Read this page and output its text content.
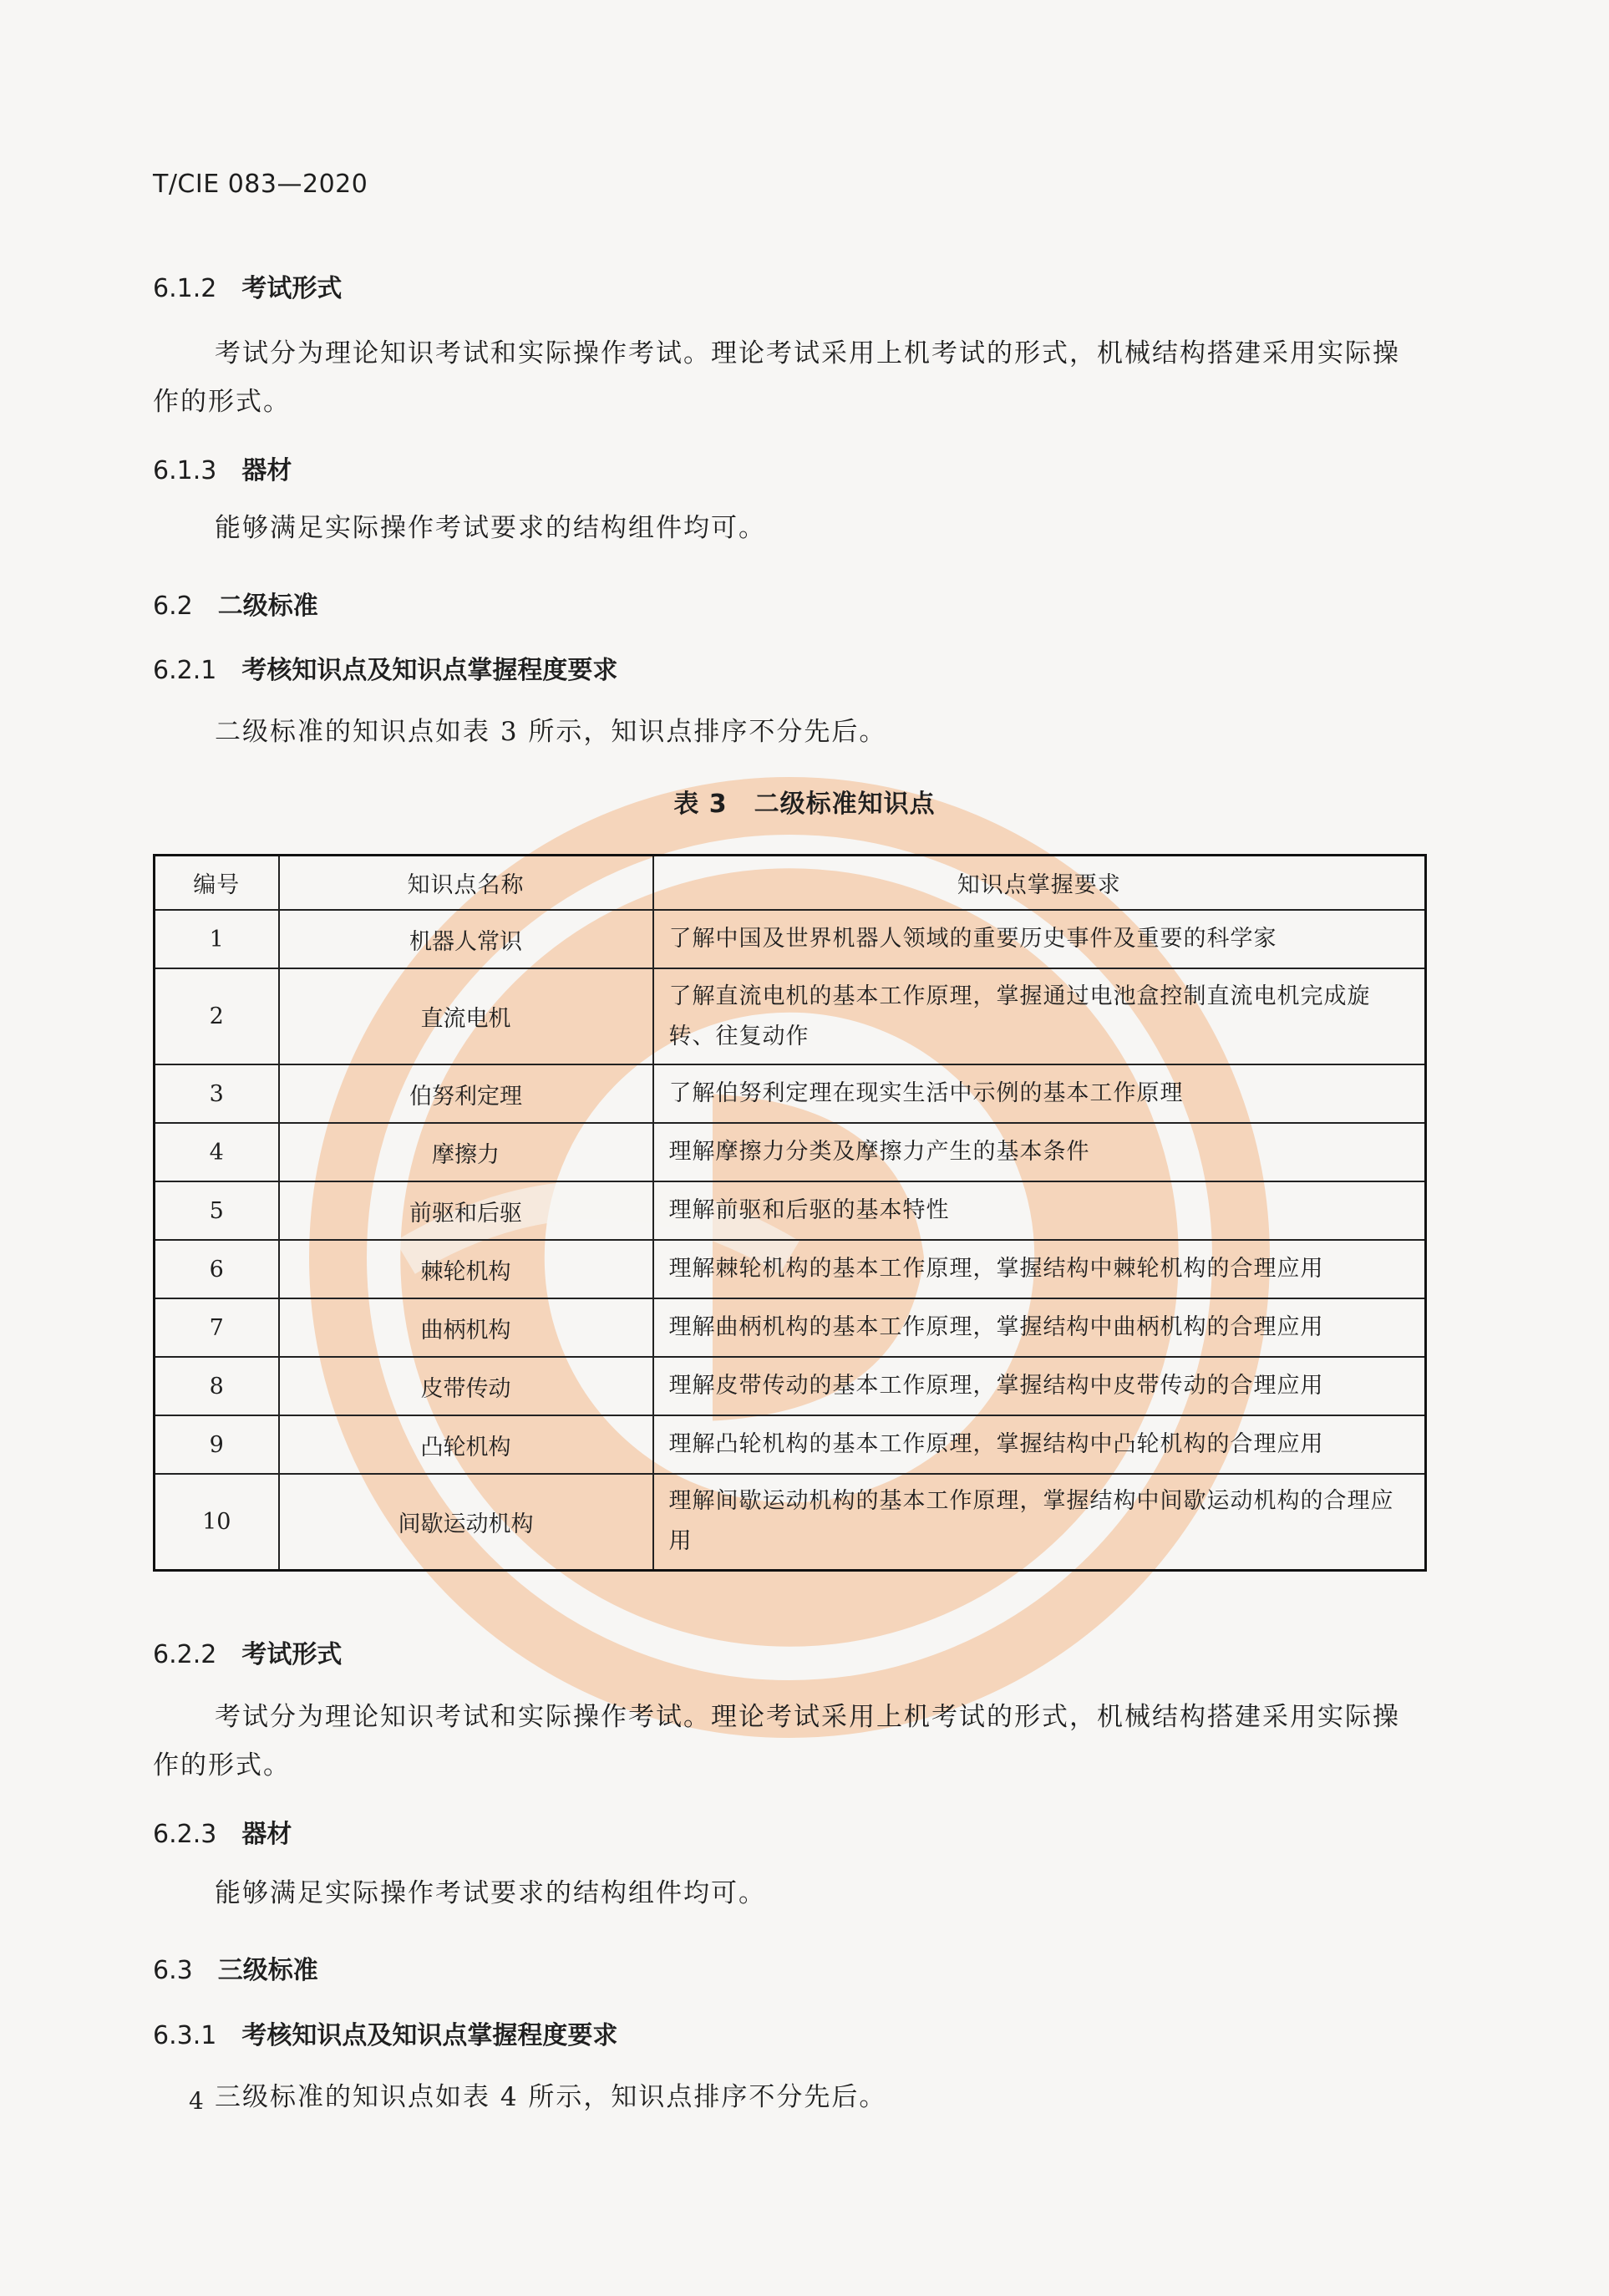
T/CIE 083—2020
6.1.2 考试形式
考试分为理论知识考试和实际操作考试。理论考试采用上机考试的形式，机械结构搭建采用实际操作的形式。
6.1.3 器材
能够满足实际操作考试要求的结构组件均可。
6.2 二级标准
6.2.1 考核知识点及知识点掌握程度要求
二级标准的知识点如表 3 所示，知识点排序不分先后。
表 3 二级标准知识点
编号	知识点名称	知识点掌握要求
1	机器人常识	了解中国及世界机器人领域的重要历史事件及重要的科学家
2	直流电机	了解直流电机的基本工作原理，掌握通过电池盒控制直流电机完成旋转、往复动作
3	伯努利定理	了解伯努利定理在现实生活中示例的基本工作原理
4	摩擦力	理解摩擦力分类及摩擦力产生的基本条件
5	前驱和后驱	理解前驱和后驱的基本特性
6	棘轮机构	理解棘轮机构的基本工作原理，掌握结构中棘轮机构的合理应用
7	曲柄机构	理解曲柄机构的基本工作原理，掌握结构中曲柄机构的合理应用
8	皮带传动	理解皮带传动的基本工作原理，掌握结构中皮带传动的合理应用
9	凸轮机构	理解凸轮机构的基本工作原理，掌握结构中凸轮机构的合理应用
10	间歇运动机构	理解间歇运动机构的基本工作原理，掌握结构中间歇运动机构的合理应用
6.2.2 考试形式
考试分为理论知识考试和实际操作考试。理论考试采用上机考试的形式，机械结构搭建采用实际操作的形式。
6.2.3 器材
能够满足实际操作考试要求的结构组件均可。
6.3 三级标准
6.3.1 考核知识点及知识点掌握程度要求
三级标准的知识点如表 4 所示，知识点排序不分先后。
4
